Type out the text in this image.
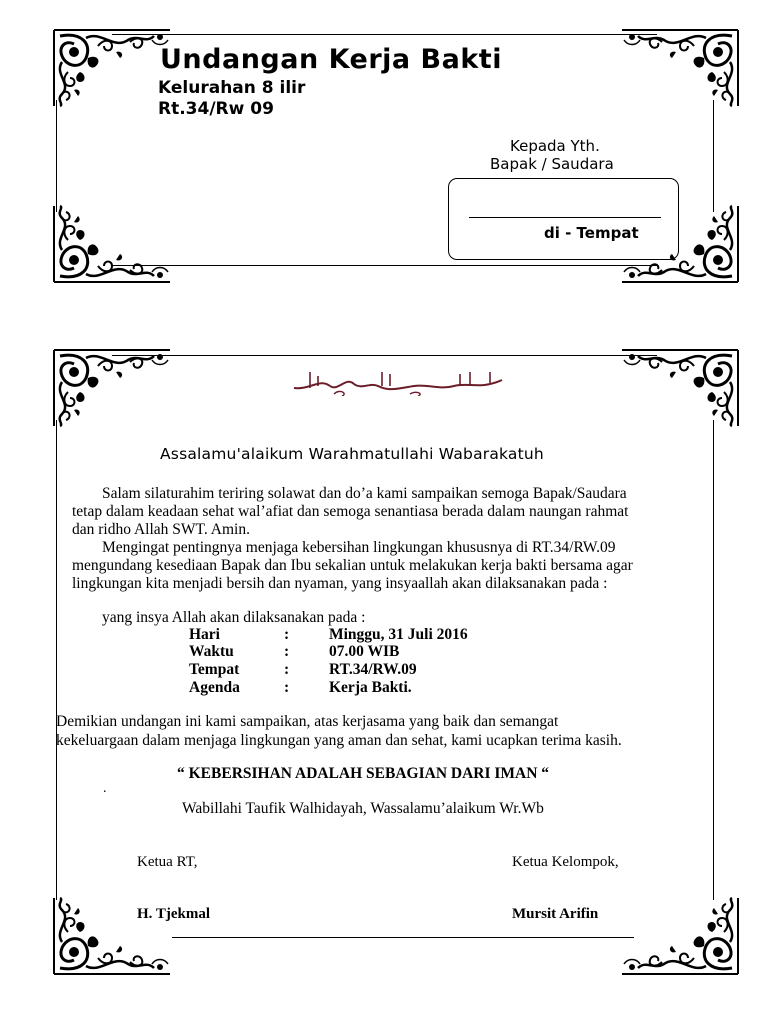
Undangan Kerja Bakti
Kelurahan 8 ilir
Rt.34/Rw 09
Kepada Yth.
Bapak / Saudara
di - Tempat
Assalamu'alaikum Warahmatullahi Wabarakatuh
Salam silaturahim teriring solawat dan do’a kami sampaikan semoga Bapak/Saudara
tetap dalam keadaan sehat wal’afiat dan semoga senantiasa berada dalam naungan rahmat
dan ridho Allah SWT. Amin.
Mengingat pentingnya menjaga kebersihan lingkungan khususnya di RT.34/RW.09
mengundang kesediaan Bapak dan Ibu sekalian untuk melakukan kerja bakti bersama agar
lingkungan kita menjadi bersih dan nyaman, yang insyaallah akan dilaksanakan pada :
yang insya Allah akan dilaksanakan pada :
Hari	:	Minggu, 31 Juli 2016
Waktu	:	07.00 WIB
Tempat	:	RT.34/RW.09
Agenda	:	Kerja Bakti.
Demikian undangan ini kami sampaikan, atas kerjasama yang baik dan semangat
kekeluargaan dalam menjaga lingkungan yang aman dan sehat, kami ucapkan terima kasih.
“ KEBERSIHAN ADALAH SEBAGIAN DARI IMAN “
.
Wabillahi Taufik Walhidayah, Wassalamu’alaikum Wr.Wb
Ketua RT,
H. Tjekmal
Ketua Kelompok,
Mursit Arifin
